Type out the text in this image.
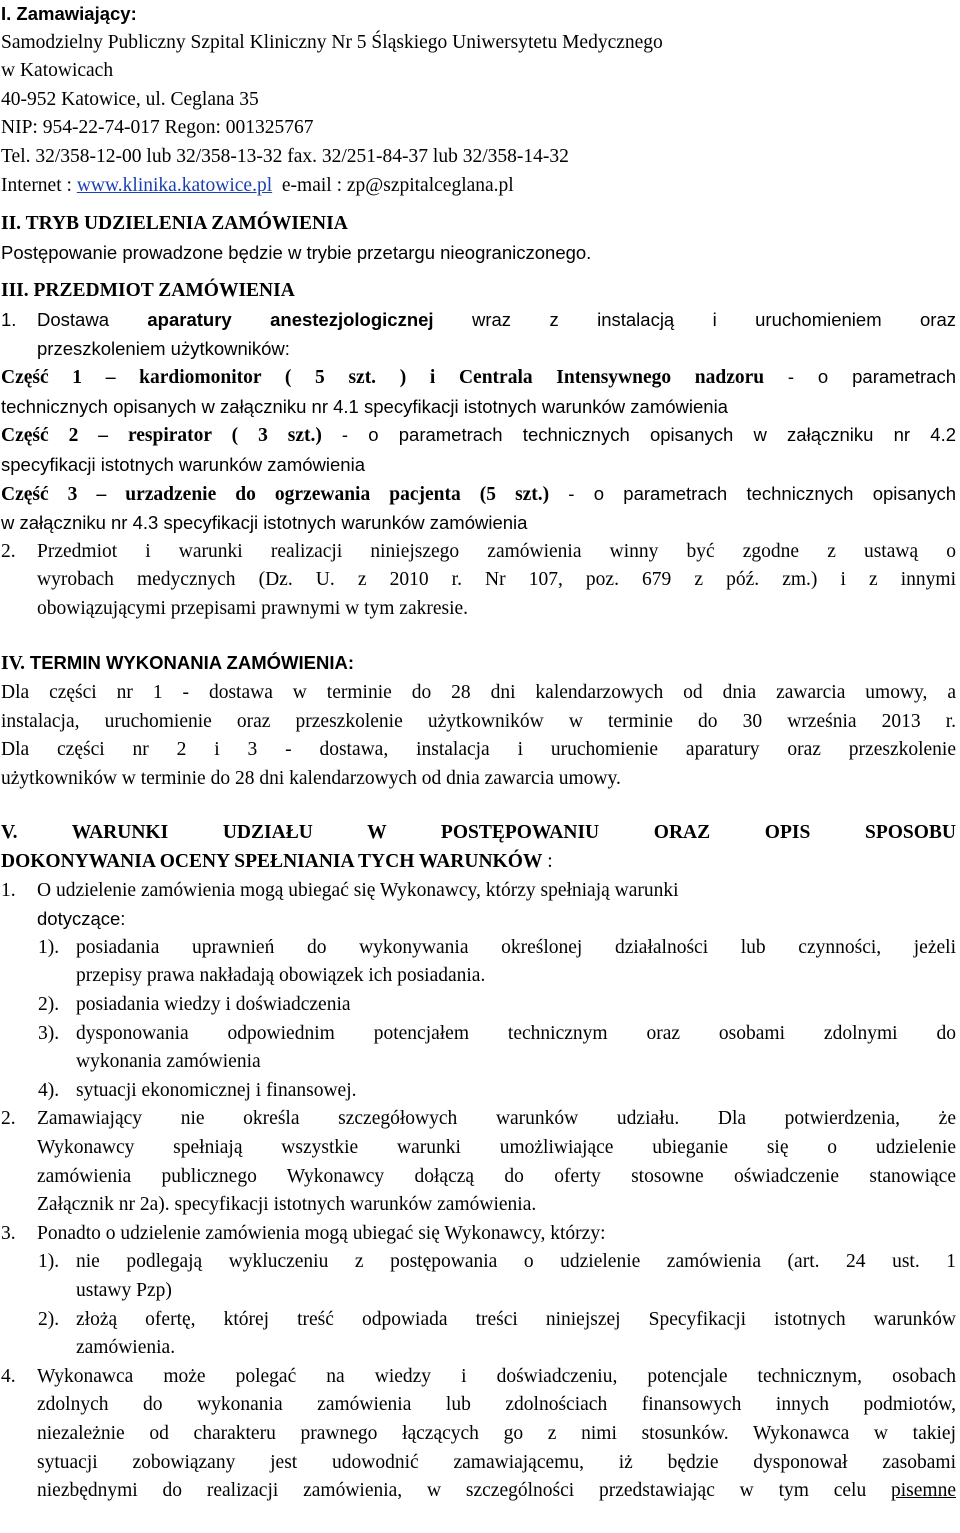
I. Zamawiający:
Samodzielny Publiczny Szpital Kliniczny Nr 5 Śląskiego Uniwersytetu Medycznego
w Katowicach
40-952 Katowice, ul. Ceglana 35
NIP: 954-22-74-017 Regon: 001325767
Tel. 32/358-12-00 lub 32/358-13-32 fax. 32/251-84-37 lub 32/358-14-32
Internet : www.klinika.katowice.pl e-mail : zp@szpitalceglana.pl
II. TRYB UDZIELENIA ZAMÓWIENIA
Postępowanie prowadzone będzie w trybie przetargu nieograniczonego.
III. PRZEDMIOT ZAMÓWIENIA
1. Dostawa aparatury anestezjologicznej wraz z instalacją i uruchomieniem oraz
przeszkoleniem użytkowników:
Część 1 – kardiomonitor ( 5 szt. ) i Centrala Intensywnego nadzoru - o parametrach
technicznych opisanych w załączniku nr 4.1 specyfikacji istotnych warunków zamówienia
Część 2 – respirator ( 3 szt.) - o parametrach technicznych opisanych w załączniku nr 4.2
specyfikacji istotnych warunków zamówienia
Część 3 – urzadzenie do ogrzewania pacjenta (5 szt.) - o parametrach technicznych opisanych
w załączniku nr 4.3 specyfikacji istotnych warunków zamówienia
2. Przedmiot i warunki realizacji niniejszego zamówienia winny być zgodne z ustawą o
wyrobach medycznych (Dz. U. z 2010 r. Nr 107, poz. 679 z póź. zm.) i z innymi
obowiązującymi przepisami prawnymi w tym zakresie.
IV. TERMIN WYKONANIA ZAMÓWIENIA:
Dla części nr 1 - dostawa w terminie do 28 dni kalendarzowych od dnia zawarcia umowy, a
instalacja, uruchomienie oraz przeszkolenie użytkowników w terminie do 30 września 2013 r.
Dla części nr 2 i 3 - dostawa, instalacja i uruchomienie aparatury oraz przeszkolenie
użytkowników w terminie do 28 dni kalendarzowych od dnia zawarcia umowy.
V. WARUNKI UDZIAŁU W POSTĘPOWANIU ORAZ OPIS SPOSOBU
DOKONYWANIA OCENY SPEŁNIANIA TYCH WARUNKÓW :
1. O udzielenie zamówienia mogą ubiegać się Wykonawcy, którzy spełniają warunki
dotyczące:
1). posiadania uprawnień do wykonywania określonej działalności lub czynności, jeżeli
przepisy prawa nakładają obowiązek ich posiadania.
2). posiadania wiedzy i doświadczenia
3). dysponowania odpowiednim potencjałem technicznym oraz osobami zdolnymi do
wykonania zamówienia
4). sytuacji ekonomicznej i finansowej.
2. Zamawiający nie określa szczegółowych warunków udziału. Dla potwierdzenia, że
Wykonawcy spełniają wszystkie warunki umożliwiające ubieganie się o udzielenie
zamówienia publicznego Wykonawcy dołączą do oferty stosowne oświadczenie stanowiące
Załącznik nr 2a). specyfikacji istotnych warunków zamówienia.
3. Ponadto o udzielenie zamówienia mogą ubiegać się Wykonawcy, którzy:
1). nie podlegają wykluczeniu z postępowania o udzielenie zamówienia (art. 24 ust. 1
ustawy Pzp)
2). złożą ofertę, której treść odpowiada treści niniejszej Specyfikacji istotnych warunków
zamówienia.
4. Wykonawca może polegać na wiedzy i doświadczeniu, potencjale technicznym, osobach
zdolnych do wykonania zamówienia lub zdolnościach finansowych innych podmiotów,
niezależnie od charakteru prawnego łączących go z nimi stosunków. Wykonawca w takiej
sytuacji zobowiązany jest udowodnić zamawiającemu, iż będzie dysponował zasobami
niezbędnymi do realizacji zamówienia, w szczególności przedstawiając w tym celu pisemne
